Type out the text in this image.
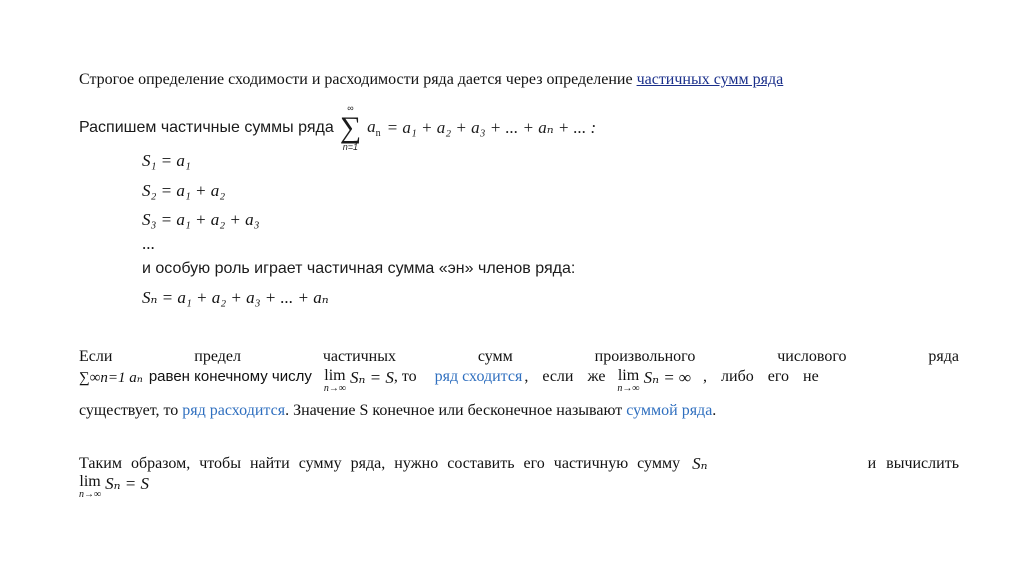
Строгое определение сходимости и расходимости ряда дается через определение частичных сумм ряда
Распишем частичные суммы ряда
∞
∑
n=1
$a_n = a_1 + a_2 + a_3$ + ... + aₙ + ... :
S₁ = a₁
S₂ = a₁ + a₂
S₃ = a₁ + a₂ + a₃
...
и особую роль играет частичная сумма «эн» членов ряда:
Sₙ = a₁ + a₂ + a₃ + ... + aₙ
Если	предел	частичных	сумм	произвольного	числового	ряда
∑∞n=1 aₙ равен конечному числу lim
n→∞
Sₙ = S , то ряд сходится , если же lim
n→∞
Sₙ = ∞ , либо его не
существует, то ряд расходится. Значение S конечное или бесконечное называют суммой ряда.
Таким образом, чтобы найти сумму ряда, нужно составить его частичную сумму Sₙ	и вычислить
lim
n→∞
Sₙ = S
